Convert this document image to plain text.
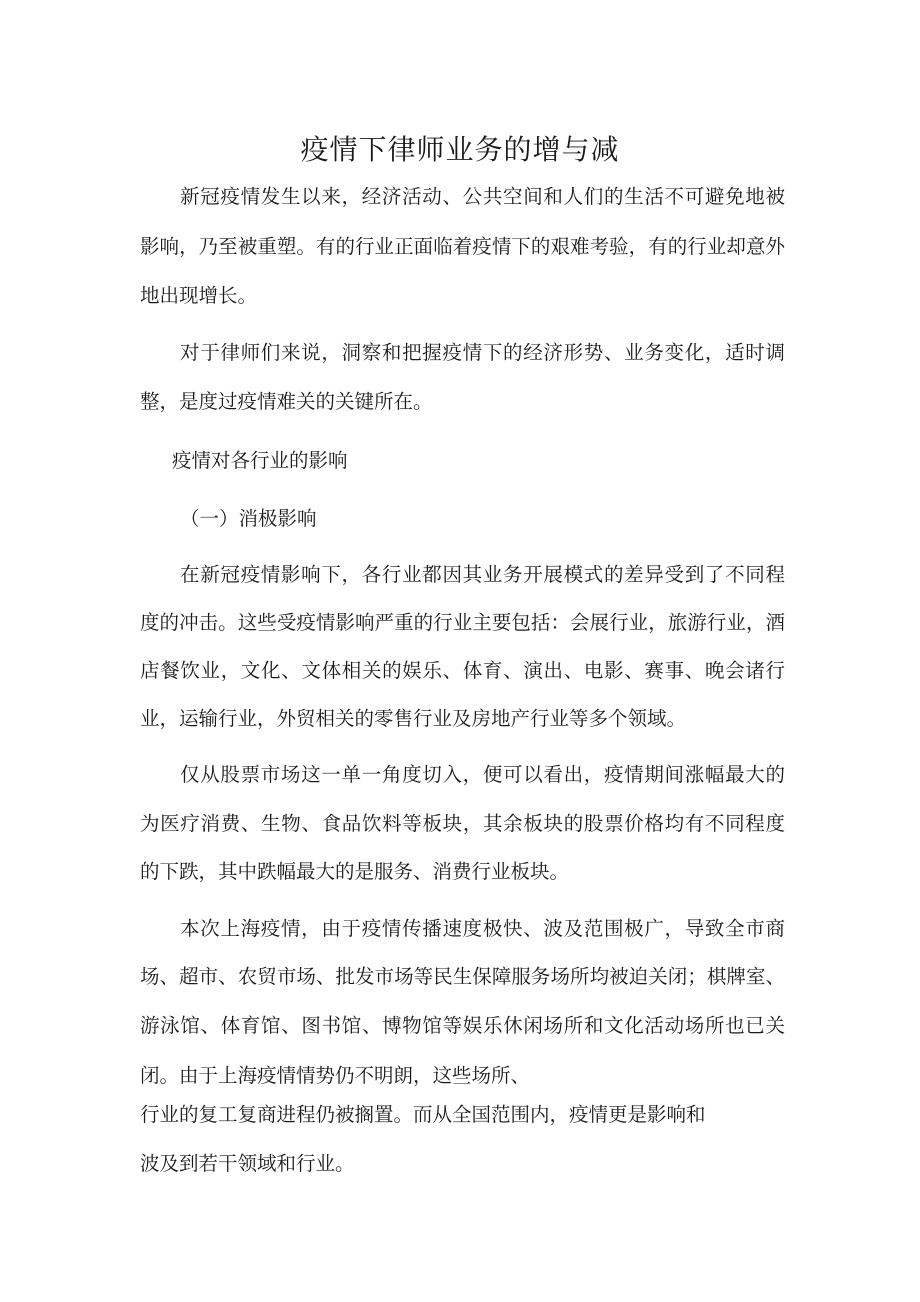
疫情下律师业务的增与减
新冠疫情发生以来，经济活动、公共空间和人们的生活不可避免地被
影响，乃至被重塑。有的行业正面临着疫情下的艰难考验，有的行业却意外
地出现增长。
对于律师们来说，洞察和把握疫情下的经济形势、业务变化，适时调
整，是度过疫情难关的关键所在。
疫情对各行业的影响
（一）消极影响
在新冠疫情影响下，各行业都因其业务开展模式的差异受到了不同程
度的冲击。这些受疫情影响严重的行业主要包括：会展行业，旅游行业，酒
店餐饮业，文化、文体相关的娱乐、体育、演出、电影、赛事、晚会诸行
业，运输行业，外贸相关的零售行业及房地产行业等多个领域。
仅从股票市场这一单一角度切入，便可以看出，疫情期间涨幅最大的
为医疗消费、生物、食品饮料等板块，其余板块的股票价格均有不同程度
的下跌，其中跌幅最大的是服务、消费行业板块。
本次上海疫情，由于疫情传播速度极快、波及范围极广，导致全市商
场、超市、农贸市场、批发市场等民生保障服务场所均被迫关闭；棋牌室、
游泳馆、体育馆、图书馆、博物馆等娱乐休闲场所和文化活动场所也已关
闭。由于上海疫情情势仍不明朗，这些场所、
行业的复工复商进程仍被搁置。而从全国范围内，疫情更是影响和
波及到若干领域和行业。
